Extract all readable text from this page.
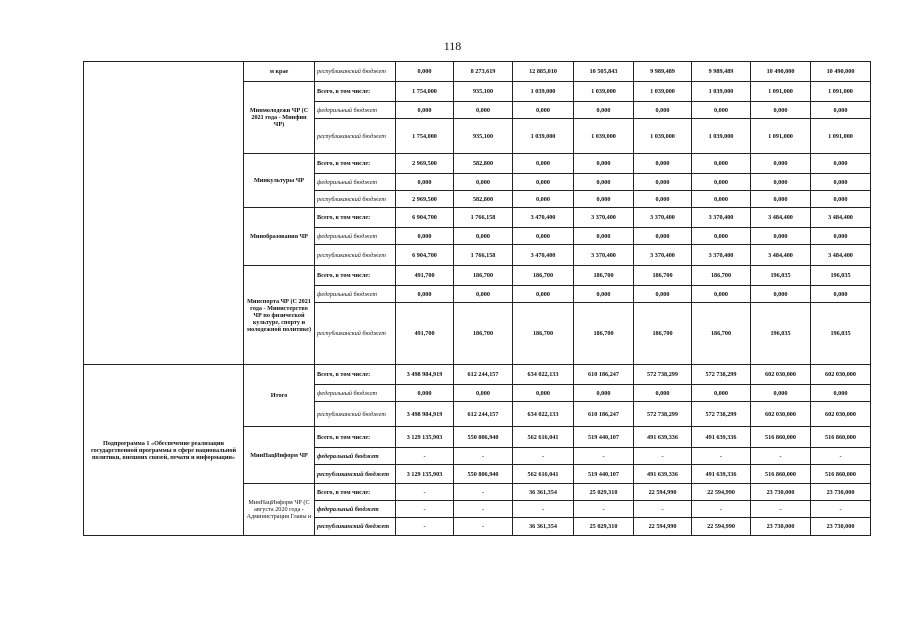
118
	м крае	республиканский бюджет	0,000	8 273,619	12 885,010	10 505,843	9 989,489	9 989,489	10 490,000	10 490,000
	Минмолодежи ЧР (С 2021 года - Минфин ЧР)	Всего, в том числе:	1 754,000	935,100	1 039,000	1 039,000	1 039,000	1 039,000	1 091,000	1 091,000
		федеральный бюджет	0,000	0,000	0,000	0,000	0,000	0,000	0,000	0,000
		республиканский бюджет	1 754,000	935,100	1 039,000	1 039,000	1 039,000	1 039,000	1 091,000	1 091,000
	Минкультуры ЧР	Всего, в том числе:	2 969,500	582,800	0,000	0,000	0,000	0,000	0,000	0,000
		федеральный бюджет	0,000	0,000	0,000	0,000	0,000	0,000	0,000	0,000
		республиканский бюджет	2 969,500	582,800	0,000	0,000	0,000	0,000	0,000	0,000
	Минобразования ЧР	Всего, в том числе:	6 904,700	1 766,158	3 470,400	3 370,400	3 370,400	3 370,400	3 484,400	3 484,400
		федеральный бюджет	0,000	0,000	0,000	0,000	0,000	0,000	0,000	0,000
		республиканский бюджет	6 904,700	1 766,158	3 470,400	3 370,400	3 370,400	3 370,400	3 484,400	3 484,400
	Минспорта ЧР (С 2021 года - Министерство ЧР по физической культуре, спорту и молодежной политике)	Всего, в том числе:	491,700	186,700	186,700	186,700	186,700	186,700	196,035	196,035
		федеральный бюджет	0,000	0,000	0,000	0,000	0,000	0,000	0,000	0,000
		республиканский бюджет	491,700	186,700	186,700	186,700	186,700	186,700	196,035	196,035
Подпрограмма 1 «Обеспечение реализации государственной программы в сфере национальной политики, внешних связей, печати и информации»	Итого	Всего, в том числе:	3 498 984,919	612 244,157	634 022,133	610 186,247	572 738,299	572 738,299	602 030,000	602 030,000
		федеральный бюджет	0,000	0,000	0,000	0,000	0,000	0,000	0,000	0,000
		республиканский бюджет	3 498 984,919	612 244,157	634 022,133	610 186,247	572 738,299	572 738,299	602 030,000	602 030,000
	МинНацИнформ ЧР	Всего, в том числе:	3 129 135,903	550 806,940	562 616,041	519 440,107	491 639,336	491 639,336	516 860,000	516 860,000
		федеральный бюджет	-	-	-	-	-	-	-	-
		республиканский бюджет	3 129 135,903	550 806,940	562 616,041	519 440,107	491 639,336	491 639,336	516 860,000	516 860,000
	МинНацИнформ ЧР (С августа 2020 года - Администрация Главы и	Всего, в том числе:	-	-	36 361,354	25 029,310	22 594,990	22 594,990	23 730,000	23 730,000
		федеральный бюджет	-	-	-	-	-	-	-	-
		республиканский бюджет	-	-	36 361,354	25 029,310	22 594,990	22 594,990	23 730,000	23 730,000
